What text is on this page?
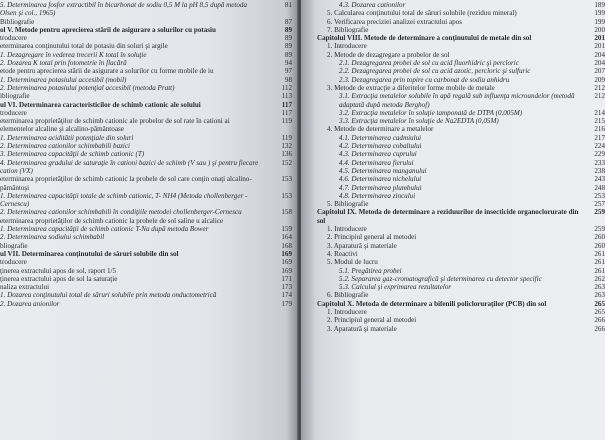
5. Determinarea fosfor extractibil în bicarbonat de sodiu 0,5 M la pH 8,5 după metoda Olsen şi col., 1965)
81
Bibliografie	87
ol V. Metode pentru aprecierea stării de asigurare a solurilor cu potasiu	89
troducere	89
eterminarea conţinutului total de potasiu din soluri şi argile	89
1. Dezagregare în vederea trecerii K total în soluţie	89
2. Dozarea K total prin fotometrie în flacără	94
etode pentru aprecierea stării de asigurare a solurilor cu forme mobile de iu	97
1. Determinarea potasiului accesibil (mobil)	98
2. Determinarea potasiului potenţial accesibil (metoda Pratt)	112
ibliografie	113
ul VI. Determinarea caracteristicilor de schimb cationic ale solului	117
troducere	117
eterminarea proprietăţilor de schimb cationic ale probelor de sol rate în cationi ai elementelor alcaline şi alcalino-pământoase
119
1. Determinarea aciditătii potenţiale din soluri	119
2. Determinarea cationilor schimbabili bazici	132
3. Determinarea capacităţii de schimb cationic (T)	136
4. Determinarea gradului de saturaţie în cationi bazici de schimb (V sau ) şi pentru fiecare cation (VX)
152
eterminarea proprietăţilor de schimb cationic la probele de sol care conţin onaţi alcalino-pământoşi
153
1. Determinarea capacităţii totale de schimb cationic, T- NH4 (Metoda chollenberger - Cernescu)
153
2. Determinarea cationilor schimbabili în condiţiile metodei chollenberger-Cernescu	158
eterminarea proprietăţilor de schimb cationic la probele de sol saline u alcalice
1. Determinarea capacităţii de schimb cationic T-Na după metoda Bower	159
2. Determinarea sodiului schimbabil	164
bliografie	168
ul VII. Determinarea conţinutului de săruri solubile din sol	169
troducere	169
ţinerea extractului apos de sol, raport 1/5	169
ţinerea extractului apos de sol la saturaţie	171
naliza extractului	173
1. Dozarea conţinutului total de săruri solubile prin metoda onductometrică	174
2. Dozarea anionilor	179
4.3. Dozarea cationilor	189
5. Calcularea conţinutului total de săruri solubile (reziduu mineral)	199
6. Verificarea preciziei analizei extractului apos	199
7. Bibliografie	200
Capitolul VIII. Metode de determinare a conţinutului de metale din sol	201
1. Introducere	201
2. Metode de dezagregare a probelor de sol	204
2.1. Dezagregarea probei de sol cu acid fluorhidric şi percloric	204
2.2. Dezagregarea probei de sol cu acid azotic, percloric şi sulfuric	207
2.3. Dezagregarea prin topire cu carbonat de sodiu anhidru	209
3. Metode de extracţie a diferitelor forme mobile de metale	212
3.1. Extracţia metalelor solubile în apă regală sub influenţa microundelor (metodă adaptată după metoda Berghof)
212
3.2. Extracţia metalelor în soluţie tamponată de DTPA (0,005M)	214
3.3. Extracţia metalelor în soluţie de Na2EDTA (0,05M)	215
4. Metode de determinare a metalelor	216
4.1. Determinarea cadmiului	217
4.2. Determinarea cobaltului	224
4.3. Determinarea cuprului	229
4.4. Determinarea fierului	233
4.5. Determinarea manganului	238
4.6. Determinarea nichelului	243
4.7. Determinarea plumbului	248
4.8. Determinarea zincului	253
5. Bibliografie	257
Capitolul IX. Metoda de determinare a reziduurilor de insecticide organoclorurate din sol
259
1. Introducere	259
2. Principiul general al metodei	260
3. Aparatură şi materiale	260
4. Reactivi	261
5. Modul de lucru	261
5.1. Pregătirea probei	261
5.2. Separarea gaz-cromatografică şi determinarea cu detector specific	262
5.3. Calculul şi exprimarea rezultatelor	263
6. Bibliografie	263
Capitolul X. Metoda de determinare a bifenili policloruraţilor (PCB) din sol	265
1. Introducere	265
2. Principiul general al metodei	266
3. Aparatură şi materiale	266
